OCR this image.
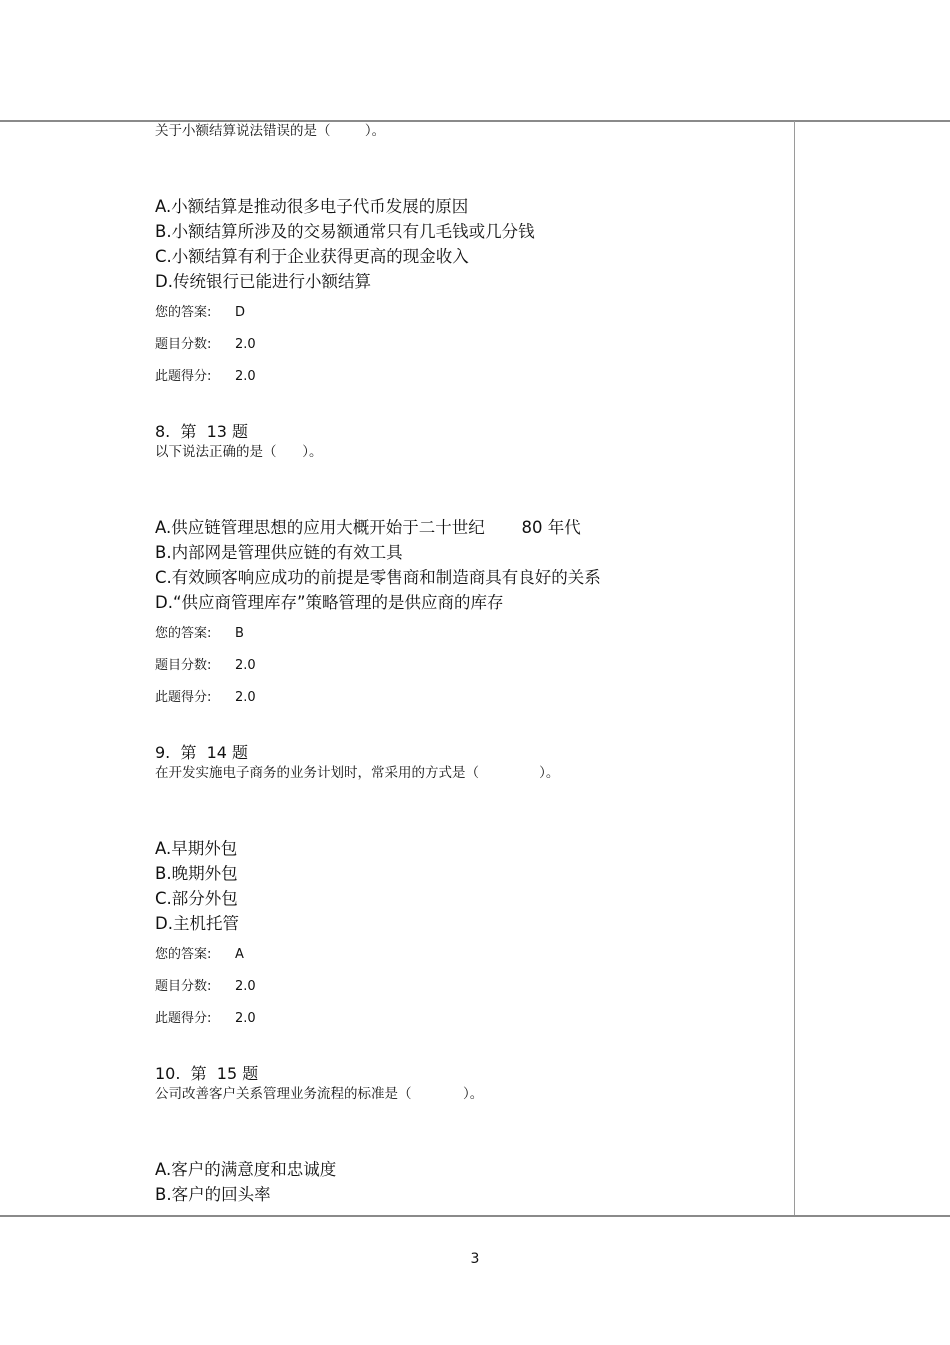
关于小额结算说法错误的是（        ）。

A.小额结算是推动很多电子代币发展的原因

B.小额结算所涉及的交易额通常只有几毛钱或几分钱

C.小额结算有利于企业获得更高的现金收入

D.传统银行已能进行小额结算

您的答案: D

题目分数: 2.0

此题得分: 2.0

8.  第  13 题

以下说法正确的是（      ）。

A.供应链管理思想的应用大概开始于二十世纪       80 年代

B.内部网是管理供应链的有效工具

C.有效顾客响应成功的前提是零售商和制造商具有良好的关系

D.“供应商管理库存”策略管理的是供应商的库存

您的答案: B

题目分数: 2.0

此题得分: 2.0

9.  第  14 题

在开发实施电子商务的业务计划时，常采用的方式是（              ）。

A.早期外包

B.晚期外包

C.部分外包

D.主机托管

您的答案: A

题目分数: 2.0

此题得分: 2.0

10.  第  15 题

公司改善客户关系管理业务流程的标准是（            ）。

A.客户的满意度和忠诚度

B.客户的回头率

3
